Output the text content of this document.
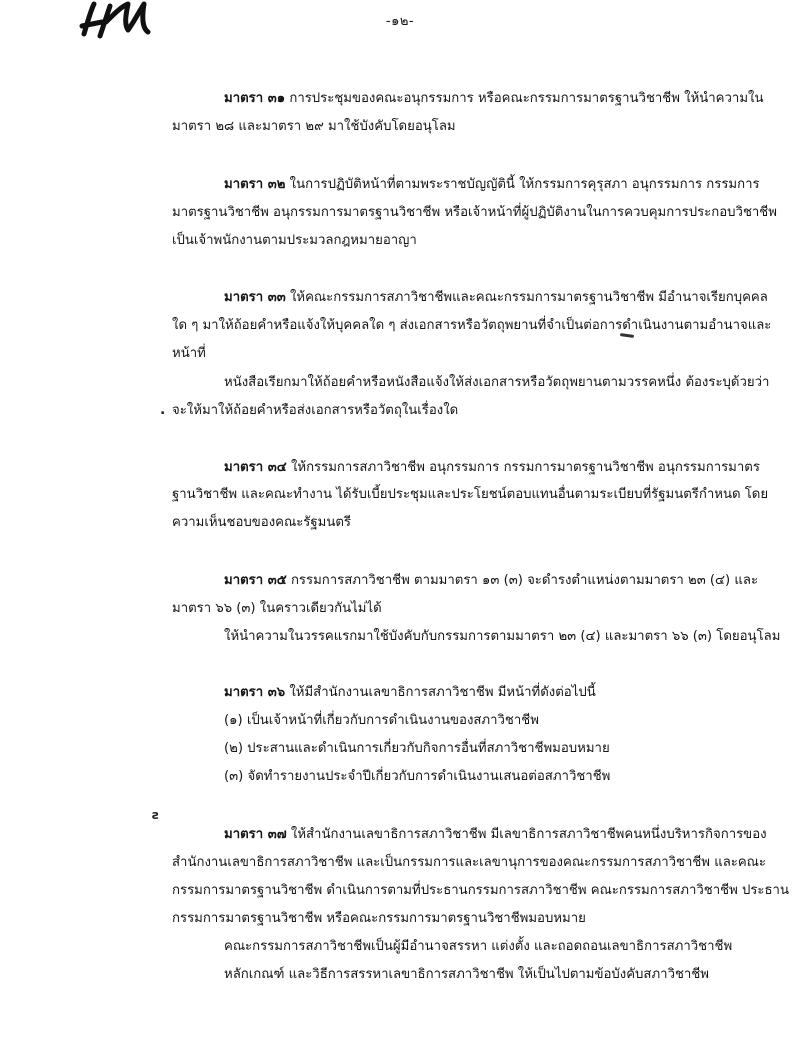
-๑๒-
มาตรา ๓๑ การประชุมของคณะอนุกรรมการ หรือคณะกรรมการมาตรฐานวิชาชีพ ให้นำความใน
มาตรา ๒๘ และมาตรา ๒๙ มาใช้บังคับโดยอนุโลม
มาตรา ๓๒ ในการปฏิบัติหน้าที่ตามพระราชบัญญัตินี้ ให้กรรมการคุรุสภา อนุกรรมการ กรรมการ
มาตรฐานวิชาชีพ อนุกรรมการมาตรฐานวิชาชีพ หรือเจ้าหน้าที่ผู้ปฏิบัติงานในการควบคุมการประกอบวิชาชีพ
เป็นเจ้าพนักงานตามประมวลกฎหมายอาญา
มาตรา ๓๓ ให้คณะกรรมการสภาวิชาชีพและคณะกรรมการมาตรฐานวิชาชีพ มีอำนาจเรียกบุคคล
ใด ๆ มาให้ถ้อยคำหรือแจ้งให้บุคคลใด ๆ ส่งเอกสารหรือวัตถุพยานที่จำเป็นต่อการดำเนินงานตามอำนาจและ
หน้าที่
หนังสือเรียกมาให้ถ้อยคำหรือหนังสือแจ้งให้ส่งเอกสารหรือวัตถุพยานตามวรรคหนึ่ง ต้องระบุด้วยว่า
. จะให้มาให้ถ้อยคำหรือส่งเอกสารหรือวัตถุในเรื่องใด
มาตรา ๓๔ ให้กรรมการสภาวิชาชีพ อนุกรรมการ กรรมการมาตรฐานวิชาชีพ อนุกรรมการมาตร
ฐานวิชาชีพ และคณะทำงาน ได้รับเบี้ยประชุมและประโยชน์ตอบแทนอื่นตามระเบียบที่รัฐมนตรีกำหนด โดย
ความเห็นชอบของคณะรัฐมนตรี
มาตรา ๓๕ กรรมการสภาวิชาชีพ ตามมาตรา ๑๓ (๓) จะดำรงตำแหน่งตามมาตรา ๒๓ (๔) และ
มาตรา ๖๖ (๓) ในคราวเดียวกันไม่ได้
ให้นำความในวรรคแรกมาใช้บังคับกับกรรมการตามมาตรา ๒๓ (๔) และมาตรา ๖๖ (๓) โดยอนุโลม
มาตรา ๓๖ ให้มีสำนักงานเลขาธิการสภาวิชาชีพ มีหน้าที่ดังต่อไปนี้
(๑) เป็นเจ้าหน้าที่เกี่ยวกับการดำเนินงานของสภาวิชาชีพ
(๒) ประสานและดำเนินการเกี่ยวกับกิจการอื่นที่สภาวิชาชีพมอบหมาย
(๓) จัดทำรายงานประจำปีเกี่ยวกับการดำเนินงานเสนอต่อสภาวิชาชีพ
ƨ
มาตรา ๓๗ ให้สำนักงานเลขาธิการสภาวิชาชีพ มีเลขาธิการสภาวิชาชีพคนหนึ่งบริหารกิจการของ
สำนักงานเลขาธิการสภาวิชาชีพ และเป็นกรรมการและเลขานุการของคณะกรรมการสภาวิชาชีพ และคณะ
กรรมการมาตรฐานวิชาชีพ ดำเนินการตามที่ประธานกรรมการสภาวิชาชีพ คณะกรรมการสภาวิชาชีพ ประธาน
กรรมการมาตรฐานวิชาชีพ หรือคณะกรรมการมาตรฐานวิชาชีพมอบหมาย
คณะกรรมการสภาวิชาชีพเป็นผู้มีอำนาจสรรหา แต่งตั้ง และถอดถอนเลขาธิการสภาวิชาชีพ
หลักเกณฑ์ และวิธีการสรรหาเลขาธิการสภาวิชาชีพ ให้เป็นไปตามข้อบังคับสภาวิชาชีพ
